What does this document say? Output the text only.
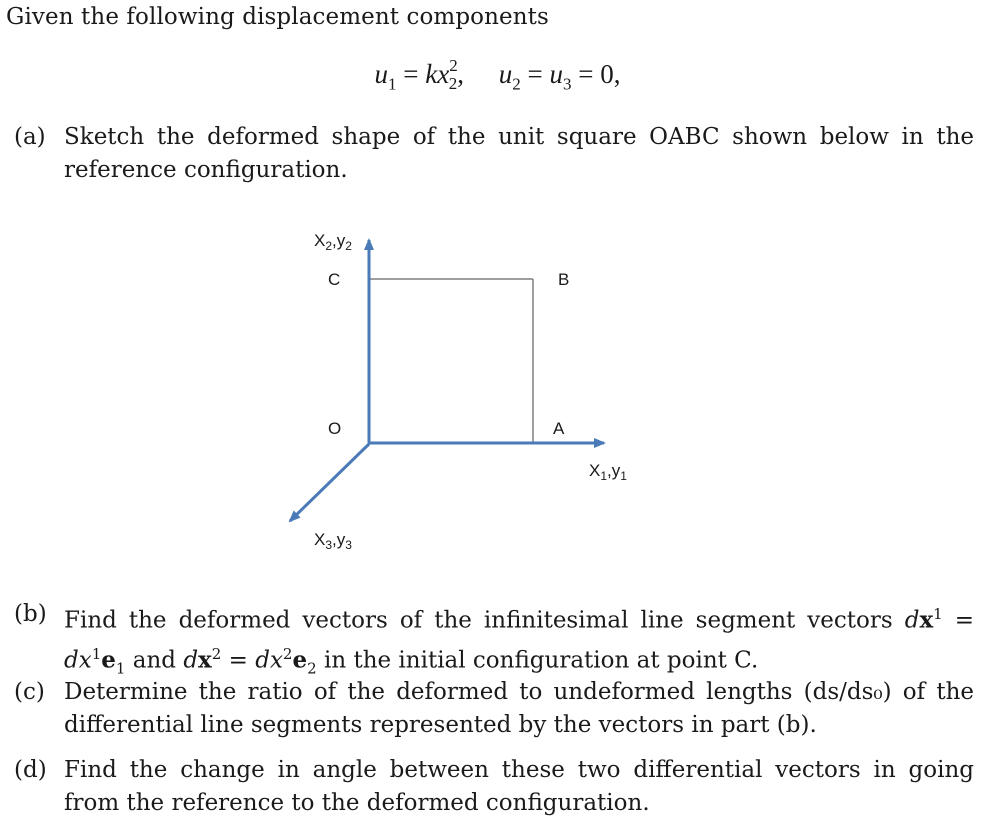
Given the following displacement components
$u_1 = kx^2_2$, $u_2 = u_3 = 0$,
(a) Sketch the deformed shape of the unit square OABC shown below in the reference configuration.
C	B
O	A
$X_2,y_2$
$X_1,y_1$
$X_3,y_3$
(b) Find the deformed vectors of the infinitesimal line segment vectors $dx^1 = dx^1e_1$ and $dx^2 = dx^2e_2$ in the initial configuration at point C.
(c) Determine the ratio of the deformed to undeformed lengths (ds/ds₀) of the differential line segments represented by the vectors in part (b).
(d) Find the change in angle between these two differential vectors in going from the reference to the deformed configuration.
